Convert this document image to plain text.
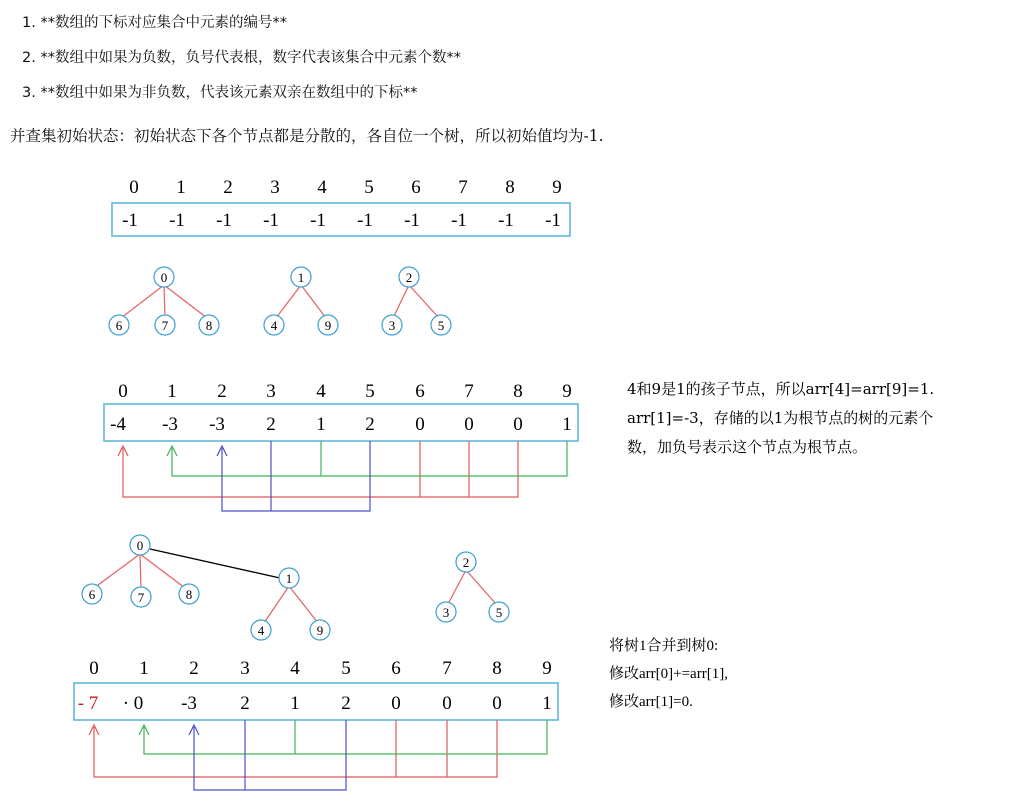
1. **数组的下标对应集合中元素的编号**
2. **数组中如果为负数，负号代表根，数字代表该集合中元素个数**
3. **数组中如果为非负数，代表该元素双亲在数组中的下标**
并查集初始状态：初始状态下各个节点都是分散的，各自位一个树，所以初始值均为-1.
0 1 2 3 4 5 6 7 8 9
-1 -1 -1 -1 -1 -1 -1 -1 -1 -1
0
6	7	8
1
4	9
2
3	5
0 1 2 3 4 5 6 7 8 9
-4 -3 -3 2 1 2 0 0 0 1
4和9是1的孩子节点，所以arr[4]=arr[9]=1.
arr[1]=-3，存储的以1为根节点的树的元素个
数，加负号表示这个节点为根节点。
0
6	7	8
1
4	9
2
3	5
0 1 2 3 4 5 6 7 8 9
- 7 · 0 -3 2 1 2 0 0 0 1
将树1合并到树0:
修改arr[0]+=arr[1],
修改arr[1]=0.
